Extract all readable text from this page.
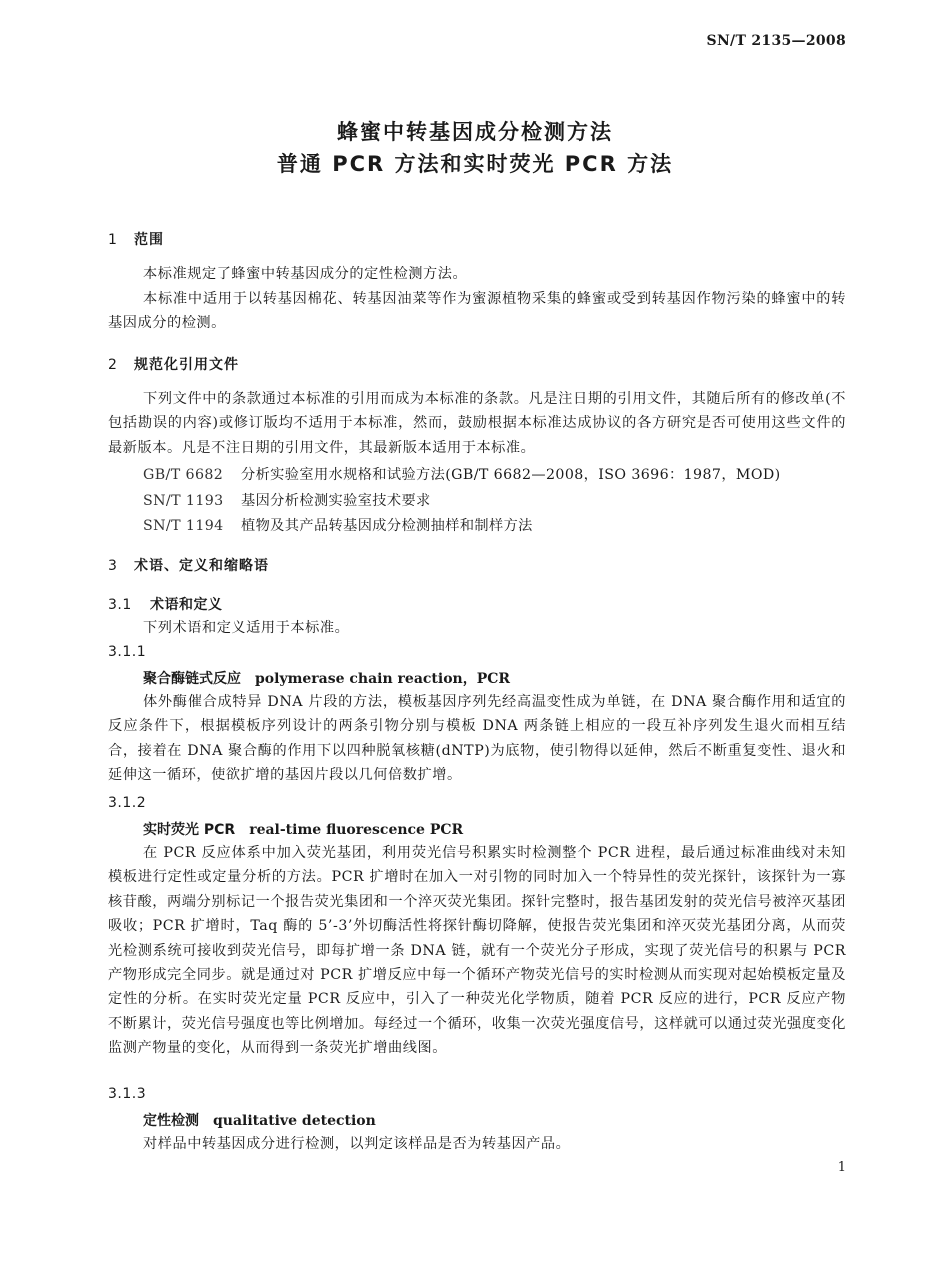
SN/T 2135—2008
蜂蜜中转基因成分检测方法
普通 PCR 方法和实时荧光 PCR 方法
1 范围
本标准规定了蜂蜜中转基因成分的定性检测方法。
本标准中适用于以转基因棉花、转基因油菜等作为蜜源植物采集的蜂蜜或受到转基因作物污染的蜂蜜中的转基因成分的检测。
2 规范化引用文件
下列文件中的条款通过本标准的引用而成为本标准的条款。凡是注日期的引用文件，其随后所有的修改单(不包括勘误的内容)或修订版均不适用于本标准，然而，鼓励根据本标准达成协议的各方研究是否可使用这些文件的最新版本。凡是不注日期的引用文件，其最新版本适用于本标准。
GB/T 6682 分析实验室用水规格和试验方法(GB/T 6682—2008，ISO 3696：1987，MOD)
SN/T 1193 基因分析检测实验室技术要求
SN/T 1194 植物及其产品转基因成分检测抽样和制样方法
3 术语、定义和缩略语
3.1 术语和定义
下列术语和定义适用于本标准。
3.1.1
聚合酶链式反应 polymerase chain reaction，PCR
体外酶催合成特异 DNA 片段的方法，模板基因序列先经高温变性成为单链，在 DNA 聚合酶作用和适宜的反应条件下，根据模板序列设计的两条引物分别与模板 DNA 两条链上相应的一段互补序列发生退火而相互结合，接着在 DNA 聚合酶的作用下以四种脱氧核糖(dNTP)为底物，使引物得以延伸，然后不断重复变性、退火和延伸这一循环，使欲扩增的基因片段以几何倍数扩增。
3.1.2
实时荧光 PCR real-time fluorescence PCR
在 PCR 反应体系中加入荧光基团，利用荧光信号积累实时检测整个 PCR 进程，最后通过标准曲线对未知模板进行定性或定量分析的方法。PCR 扩增时在加入一对引物的同时加入一个特异性的荧光探针，该探针为一寡核苷酸，两端分别标记一个报告荧光集团和一个淬灭荧光集团。探针完整时，报告基团发射的荧光信号被淬灭基团吸收；PCR 扩增时，Taq 酶的 5’-3’外切酶活性将探针酶切降解，使报告荧光集团和淬灭荧光基团分离，从而荧光检测系统可接收到荧光信号，即每扩增一条 DNA 链，就有一个荧光分子形成，实现了荧光信号的积累与 PCR 产物形成完全同步。就是通过对 PCR 扩增反应中每一个循环产物荧光信号的实时检测从而实现对起始模板定量及定性的分析。在实时荧光定量 PCR 反应中，引入了一种荧光化学物质，随着 PCR 反应的进行，PCR 反应产物不断累计，荧光信号强度也等比例增加。每经过一个循环，收集一次荧光强度信号，这样就可以通过荧光强度变化监测产物量的变化，从而得到一条荧光扩增曲线图。
3.1.3
定性检测 qualitative detection
对样品中转基因成分进行检测，以判定该样品是否为转基因产品。
1
